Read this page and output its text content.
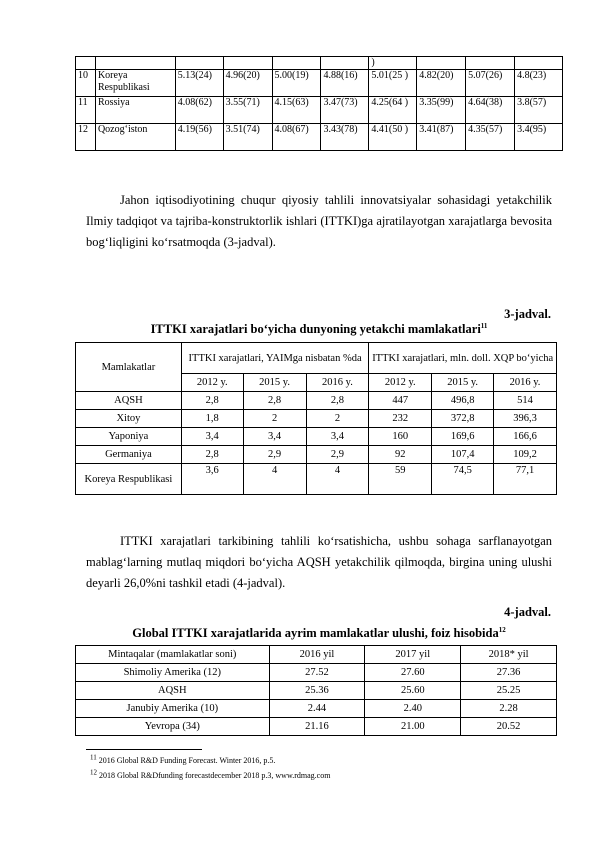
						)			
10	Koreya Respublikasi	5.13(24)	4.96(20)	5.00(19)	4.88(16)	5.01(25 )	4.82(20)	5.07(26)	4.8(23)
11	Rossiya	4.08(62)	3.55(71)	4.15(63)	3.47(73)	4.25(64 )	3.35(99)	4.64(38)	3.8(57)
12	Qozog‘iston	4.19(56)	3.51(74)	4.08(67)	3.43(78)	4.41(50 )	3.41(87)	4.35(57)	3.4(95)

Jahon iqtisodiyotining chuqur qiyosiy tahlili innovatsiyalar sohasidagi yetakchilik Ilmiy tadqiqot va tajriba-konstruktorlik ishlari (ITTKI)ga ajratilayotgan xarajatlarga bevosita bog‘liqligini ko‘rsatmoqda (3-jadval).

3-jadval.
ITTKI xarajatlari bo‘yicha dunyoning yetakchi mamlakatlari$^{11}$
Mamlakatlar	ITTKI xarajatlari, YAIMga nisbatan %da			ITTKI xarajatlari, mln. doll. XQP bo‘yicha		
	2012 y.	2015 y.	2016 y.	2012 y.	2015 y.	2016 y.
AQSH	2,8	2,8	2,8	447	496,8	514
Xitoy	1,8	2	2	232	372,8	396,3
Yaponiya	3,4	3,4	3,4	160	169,6	166,6
Germaniya	2,8	2,9	2,9	92	107,4	109,2
Koreya Respublikasi	3,6	4	4	59	74,5	77,1

ITTKI xarajatlari tarkibining tahlili ko‘rsatishicha, ushbu sohaga sarflanayotgan mablag‘larning mutlaq miqdori bo‘yicha AQSH yetakchilik qilmoqda, birgina uning ulushi deyarli 26,0%ni tashkil etadi (4-jadval).

4-jadval.
Global ITTKI xarajatlarida ayrim mamlakatlar ulushi, foiz hisobida$^{12}$
Mintaqalar (mamlakatlar soni)	2016 yil	2017 yil	2018* yil
Shimoliy Amerika (12)	27.52	27.60	27.36
AQSH	25.36	25.60	25.25
Janubiy Amerika (10)	2.44	2.40	2.28
Yevropa (34)	21.16	21.00	20.52
$^{11}$ 2016 Global R&D Funding Forecast. Winter 2016, p.5.
$^{12}$ 2018 Global R&Dfunding forecastdecember 2018 p.3, www.rdmag.com
